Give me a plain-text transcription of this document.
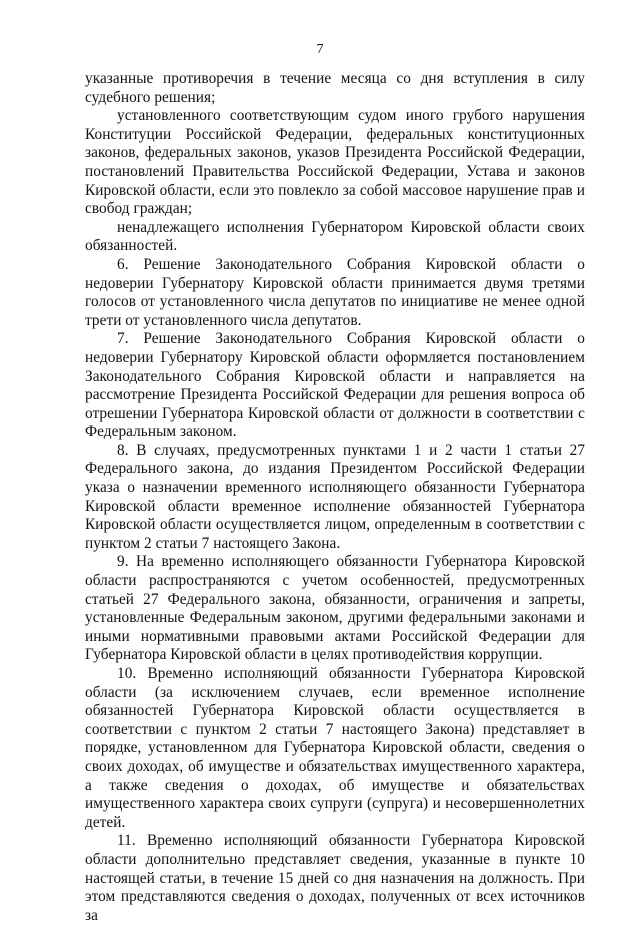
7

указанные противоречия в течение месяца со дня вступления в силу судебного решения;

установленного соответствующим судом иного грубого нарушения Конституции Российской Федерации, федеральных конституционных законов, федеральных законов, указов Президента Российской Федерации, постановлений Правительства Российской Федерации, Устава и законов Кировской области, если это повлекло за собой массовое нарушение прав и свобод граждан;

ненадлежащего исполнения Губернатором Кировской области своих обязанностей.

6. Решение Законодательного Собрания Кировской области о недоверии Губернатору Кировской области принимается двумя третями голосов от установленного числа депутатов по инициативе не менее одной трети от установленного числа депутатов.

7. Решение Законодательного Собрания Кировской области о недоверии Губернатору Кировской области оформляется постановлением Законодательного Собрания Кировской области и направляется на рассмотрение Президента Российской Федерации для решения вопроса об отрешении Губернатора Кировской области от должности в соответствии с Федеральным законом.

8. В случаях, предусмотренных пунктами 1 и 2 части 1 статьи 27 Федерального закона, до издания Президентом Российской Федерации указа о назначении временного исполняющего обязанности Губернатора Кировской области временное исполнение обязанностей Губернатора Кировской области осуществляется лицом, определенным в соответствии с пунктом 2 статьи 7 настоящего Закона.

9. На временно исполняющего обязанности Губернатора Кировской области распространяются с учетом особенностей, предусмотренных статьей 27 Федерального закона, обязанности, ограничения и запреты, установленные Федеральным законом, другими федеральными законами и иными нормативными правовыми актами Российской Федерации для Губернатора Кировской области в целях противодействия коррупции.

10. Временно исполняющий обязанности Губернатора Кировской области (за исключением случаев, если временное исполнение обязанностей Губернатора Кировской области осуществляется в соответствии с пунктом 2 статьи 7 настоящего Закона) представляет в порядке, установленном для Губернатора Кировской области, сведения о своих доходах, об имуществе и обязательствах имущественного характера, а также сведения о доходах, об имуществе и обязательствах имущественного характера своих супруги (супруга) и несовершеннолетних детей.

11. Временно исполняющий обязанности Губернатора Кировской области дополнительно представляет сведения, указанные в пункте 10 настоящей статьи, в течение 15 дней со дня назначения на должность. При этом представляются сведения о доходах, полученных от всех источников за
